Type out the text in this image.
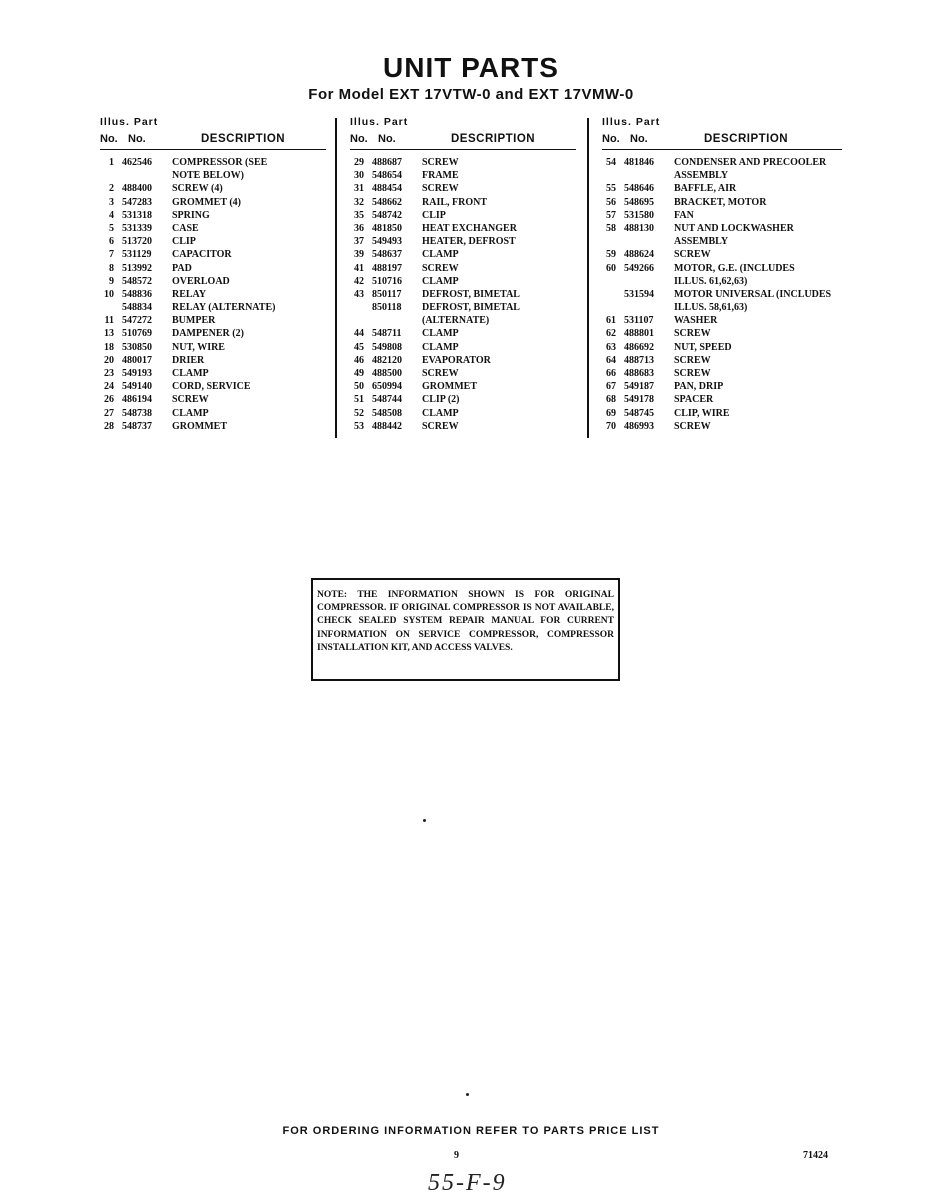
UNIT PARTS
For Model EXT 17VTW-0 and EXT 17VMW-0
Illus. Part
No. No.	DESCRIPTION
1 462546 COMPRESSOR (SEE
NOTE BELOW)
2 488400 SCREW (4)
3 547283 GROMMET (4)
4 531318 SPRING
5 531339 CASE
6 513720 CLIP
7 531129 CAPACITOR
8 513992 PAD
9 548572 OVERLOAD
10 548836 RELAY
548834 RELAY (ALTERNATE)
11 547272 BUMPER
13 510769 DAMPENER (2)
18 530850 NUT, WIRE
20 480017 DRIER
23 549193 CLAMP
24 549140 CORD, SERVICE
26 486194 SCREW
27 548738 CLAMP
28 548737 GROMMET
Illus. Part
No. No.	DESCRIPTION
29 488687 SCREW
30 548654 FRAME
31 488454 SCREW
32 548662 RAIL, FRONT
35 548742 CLIP
36 481850 HEAT EXCHANGER
37 549493 HEATER, DEFROST
39 548637 CLAMP
41 488197 SCREW
42 510716 CLAMP
43 850117 DEFROST, BIMETAL
850118 DEFROST, BIMETAL
(ALTERNATE)
44 548711 CLAMP
45 549808 CLAMP
46 482120 EVAPORATOR
49 488500 SCREW
50 650994 GROMMET
51 548744 CLIP (2)
52 548508 CLAMP
53 488442 SCREW
Illus. Part
No. No.	DESCRIPTION
54 481846 CONDENSER AND PRECOOLER
ASSEMBLY
55 548646 BAFFLE, AIR
56 548695 BRACKET, MOTOR
57 531580 FAN
58 488130 NUT AND LOCKWASHER
ASSEMBLY
59 488624 SCREW
60 549266 MOTOR, G.E. (INCLUDES
ILLUS. 61,62,63)
531594 MOTOR UNIVERSAL (INCLUDES
ILLUS. 58,61,63)
61 531107 WASHER
62 488801 SCREW
63 486692 NUT, SPEED
64 488713 SCREW
66 488683 SCREW
67 549187 PAN, DRIP
68 549178 SPACER
69 548745 CLIP, WIRE
70 486993 SCREW
NOTE: THE INFORMATION SHOWN IS FOR ORIGINAL COMPRESSOR. IF ORIGINAL COMPRESSOR IS NOT AVAILABLE, CHECK SEALED SYSTEM REPAIR MANUAL FOR CURRENT INFORMATION ON SERVICE COMPRESSOR, COMPRESSOR INSTALLATION KIT, AND ACCESS VALVES.
FOR ORDERING INFORMATION REFER TO PARTS PRICE LIST
9	71424
55-F-9
